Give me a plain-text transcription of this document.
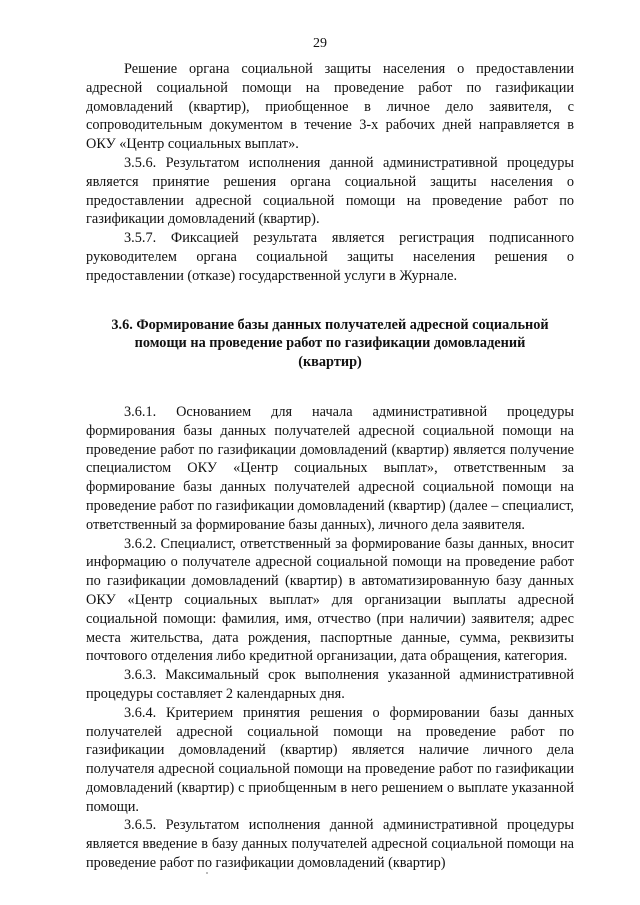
29

Решение органа социальной защиты населения о предоставлении адресной социальной помощи на проведение работ по газификации домовладений (квартир), приобщенное в личное дело заявителя, с сопроводительным документом в течение 3-х рабочих дней направляется в ОКУ «Центр социальных выплат».

3.5.6. Результатом исполнения данной административной процедуры является принятие решения органа социальной защиты населения о предоставлении адресной социальной помощи на проведение работ по газификации домовладений (квартир).

3.5.7. Фиксацией результата является регистрация подписанного руководителем органа социальной защиты населения решения о предоставлении (отказе) государственной услуги в Журнале.

3.6. Формирование базы данных получателей адресной социальной помощи на проведение работ по газификации домовладений (квартир)

3.6.1. Основанием для начала административной процедуры формирования базы данных получателей адресной социальной помощи на проведение работ по газификации домовладений (квартир) является получение специалистом ОКУ «Центр социальных выплат», ответственным за формирование базы данных получателей адресной социальной помощи на проведение работ по газификации домовладений (квартир) (далее – специалист, ответственный за формирование базы данных), личного дела заявителя.

3.6.2. Специалист, ответственный за формирование базы данных, вносит информацию о получателе адресной социальной помощи на проведение работ по газификации домовладений (квартир) в автоматизированную базу данных ОКУ «Центр социальных выплат» для организации выплаты адресной социальной помощи: фамилия, имя, отчество (при наличии) заявителя; адрес места жительства, дата рождения, паспортные данные, сумма, реквизиты почтового отделения либо кредитной организации, дата обращения, категория.

3.6.3. Максимальный срок выполнения указанной административной процедуры составляет 2 календарных дня.

3.6.4. Критерием принятия решения о формировании базы данных получателей адресной социальной помощи на проведение работ по газификации домовладений (квартир) является наличие личного дела получателя адресной социальной помощи на проведение работ по газификации домовладений (квартир) с приобщенным в него решением о выплате указанной помощи.

3.6.5. Результатом исполнения данной административной процедуры является введение в базу данных получателей адресной социальной помощи на проведение работ по газификации домовладений (квартир)
